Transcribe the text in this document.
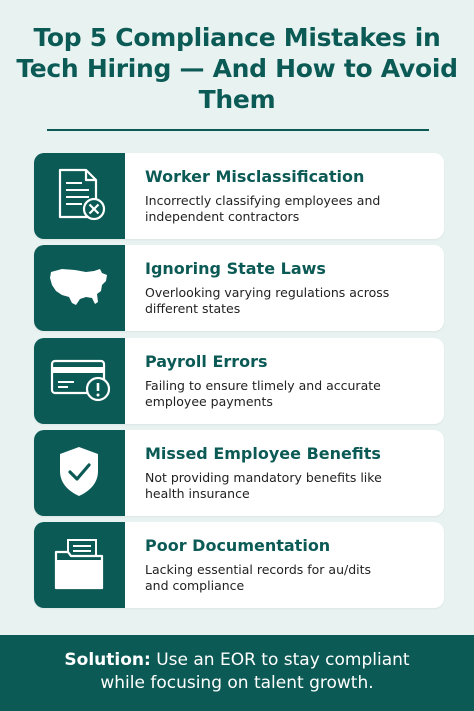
Top 5 Compliance Mistakes in
Tech Hiring — And How to Avoid
Them
Worker Misclassification
Incorrectly classifying employees and
independent contractors
Ignoring State Laws
Overlooking varying regulations across
different states
Payroll Errors
Failing to ensure tlimely and accurate
employee payments
Missed Employee Benefits
Not providing mandatory benefits like
health insurance
Poor Documentation
Lacking essential records for au/dits
and compliance
Solution: Use an EOR to stay compliant
while focusing on talent growth.
